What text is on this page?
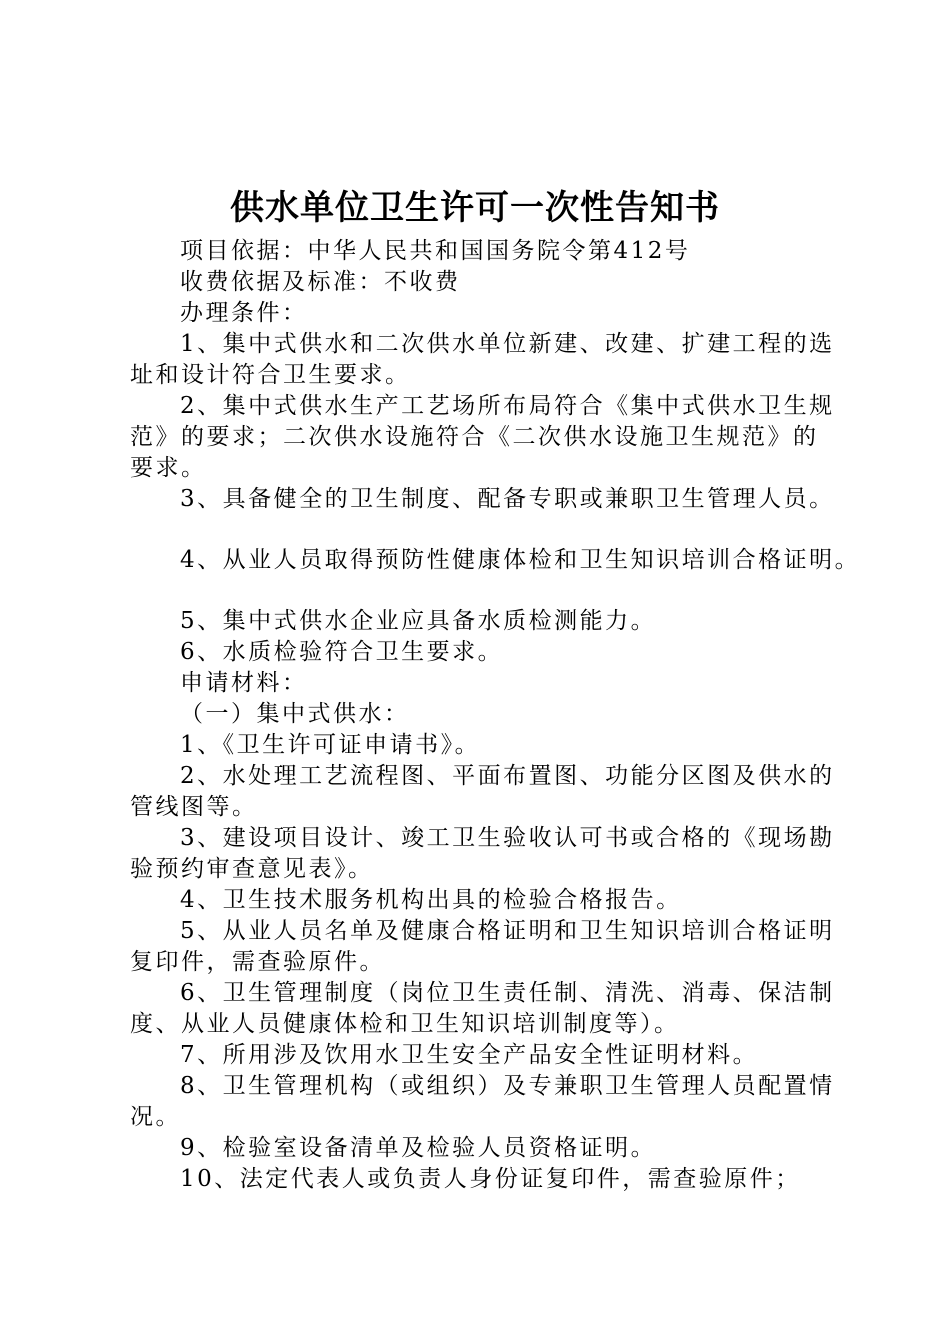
供水单位卫生许可一次性告知书
项目依据：中华人民共和国国务院令第412号
收费依据及标准：不收费
办理条件：
1、集中式供水和二次供水单位新建、改建、扩建工程的选
址和设计符合卫生要求。
2、集中式供水生产工艺场所布局符合《集中式供水卫生规
范》的要求；二次供水设施符合《二次供水设施卫生规范》的
要求。
3、具备健全的卫生制度、配备专职或兼职卫生管理人员。
4、从业人员取得预防性健康体检和卫生知识培训合格证明。
5、集中式供水企业应具备水质检测能力。
6、水质检验符合卫生要求。
申请材料：
（一）集中式供水：
1、《卫生许可证申请书》。
2、水处理工艺流程图、平面布置图、功能分区图及供水的
管线图等。
3、建设项目设计、竣工卫生验收认可书或合格的《现场勘
验预约审查意见表》。
4、卫生技术服务机构出具的检验合格报告。
5、从业人员名单及健康合格证明和卫生知识培训合格证明
复印件，需查验原件。
6、卫生管理制度（岗位卫生责任制、清洗、消毒、保洁制
度、从业人员健康体检和卫生知识培训制度等）。
7、所用涉及饮用水卫生安全产品安全性证明材料。
8、卫生管理机构（或组织）及专兼职卫生管理人员配置情
况。
9、检验室设备清单及检验人员资格证明。
10、法定代表人或负责人身份证复印件，需查验原件；
